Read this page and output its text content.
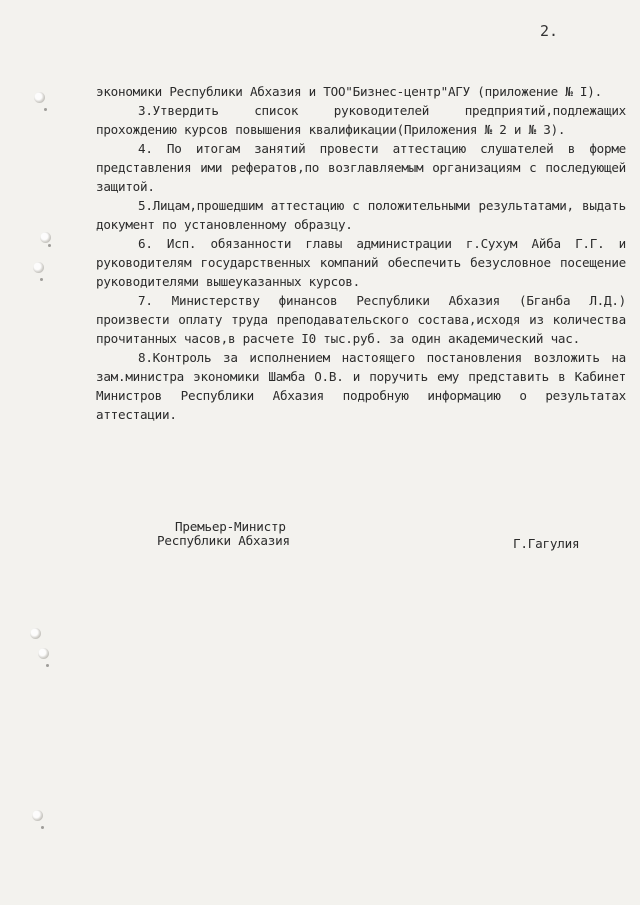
2.

экономики Республики Абхазия и ТОО"Бизнес-центр"АГУ (приложение № I).

3.Утвердить список руководителей предприятий,подлежащих прохождению курсов повышения квалификации(Приложения № 2 и № 3).

4. По итогам занятий провести аттестацию слушателей в форме представления ими рефератов,по возглавляемым организациям с последующей защитой.

5.Лицам,прошедшим аттестацию с положительными результатами, выдать документ по установленному образцу.

6. Исп. обязанности главы администрации г.Сухум Айба Г.Г. и руководителям государственных компаний обеспечить безусловное посещение руководителями вышеуказанных курсов.

7. Министерству финансов Республики Абхазия (Бганба Л.Д.) произвести оплату труда преподавательского состава,исходя из количества прочитанных часов,в расчете I0 тыс.руб. за один академический час.

8.Контроль за исполнением настоящего постановления возложить на зам.министра экономики Шамба О.В. и поручить ему представить в Кабинет Министров Республики Абхазия подробную информацию о результатах аттестации.

Премьер-Министр
Республики Абхазия	Г.Гагулия
